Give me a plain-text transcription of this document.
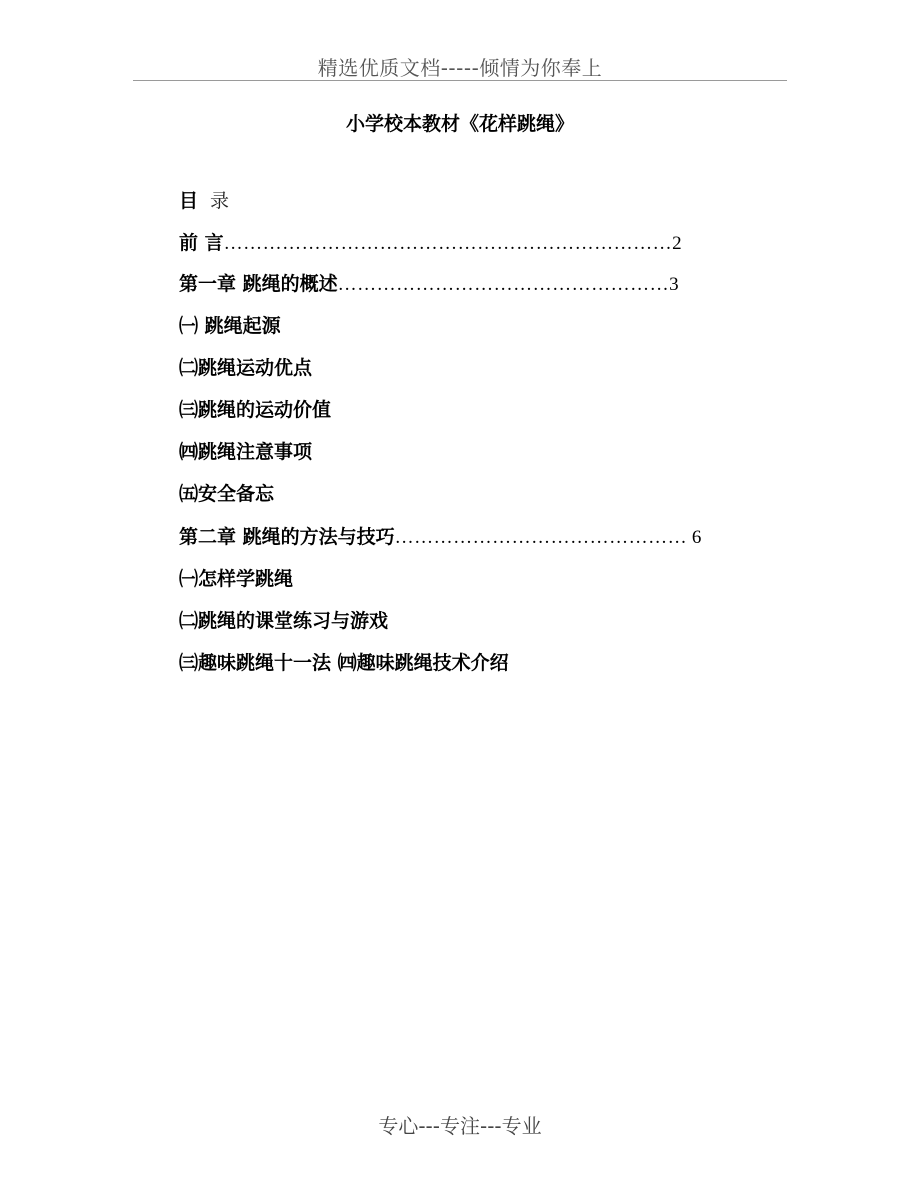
精选优质文档-----倾情为你奉上
小学校本教材《花样跳绳》
目 录
前 言……………………………………………………………2
第一章 跳绳的概述……………………………………………3
㈠ 跳绳起源
㈡跳绳运动优点
㈢跳绳的运动价值
㈣跳绳注意事项
㈤安全备忘
第二章 跳绳的方法与技巧……………………………………… 6
㈠怎样学跳绳
㈡跳绳的课堂练习与游戏
㈢趣味跳绳十一法 ㈣趣味跳绳技术介绍
专心---专注---专业
